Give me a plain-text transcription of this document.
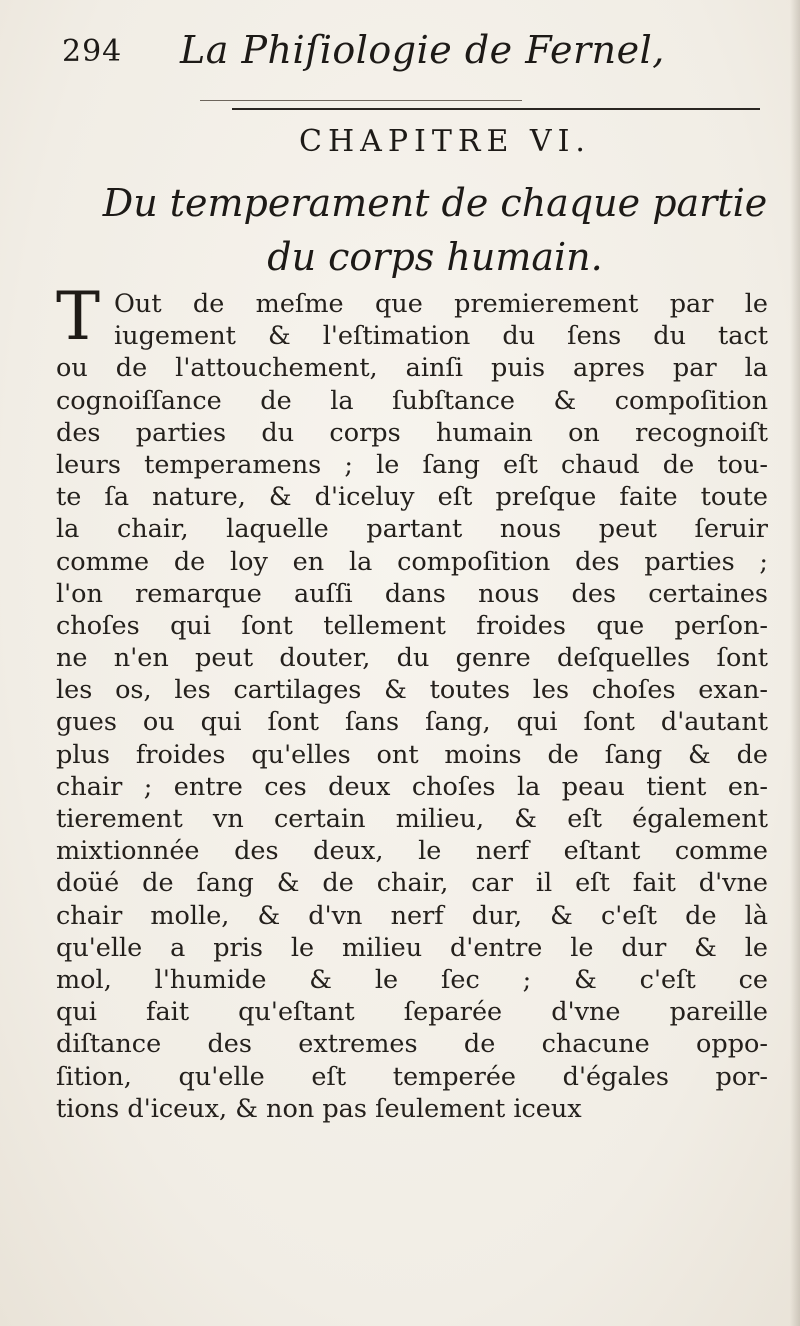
294 La Phiſiologie de Fernel,
CHAPITRE VI.
Du temperament de chaque partie
du corps humain.
T Out de meſme que premierement par le
iugement & l'eſtimation du ſens du tact
ou de l'attouchement, ainſi puis apres par la
cognoiſſance de la ſubſtance & compoſition
des parties du corps humain on recognoiſt
leurs temperamens ; le ſang eſt chaud de tou-
te ſa nature, & d'iceluy eſt preſque faite toute
la chair, laquelle partant nous peut ſeruir
comme de loy en la compoſition des parties ;
l'on remarque auſſi dans nous des certaines
choſes qui ſont tellement froides que perſon-
ne n'en peut douter, du genre deſquelles ſont
les os, les cartilages & toutes les choſes exan-
gues ou qui ſont ſans ſang, qui ſont d'autant
plus froides qu'elles ont moins de ſang & de
chair ; entre ces deux choſes la peau tient en-
tierement vn certain milieu, & eſt également
mixtionnée des deux, le nerf eſtant comme
doüé de ſang & de chair, car il eſt fait d'vne
chair molle, & d'vn nerf dur, & c'eſt de là
qu'elle a pris le milieu d'entre le dur & le
mol, l'humide & le ſec ; & c'eſt ce
qui fait qu'eſtant ſeparée d'vne pareille
diſtance des extremes de chacune oppo-
ſition, qu'elle eſt temperée d'égales por-
tions d'iceux, & non pas ſeulement iceux
